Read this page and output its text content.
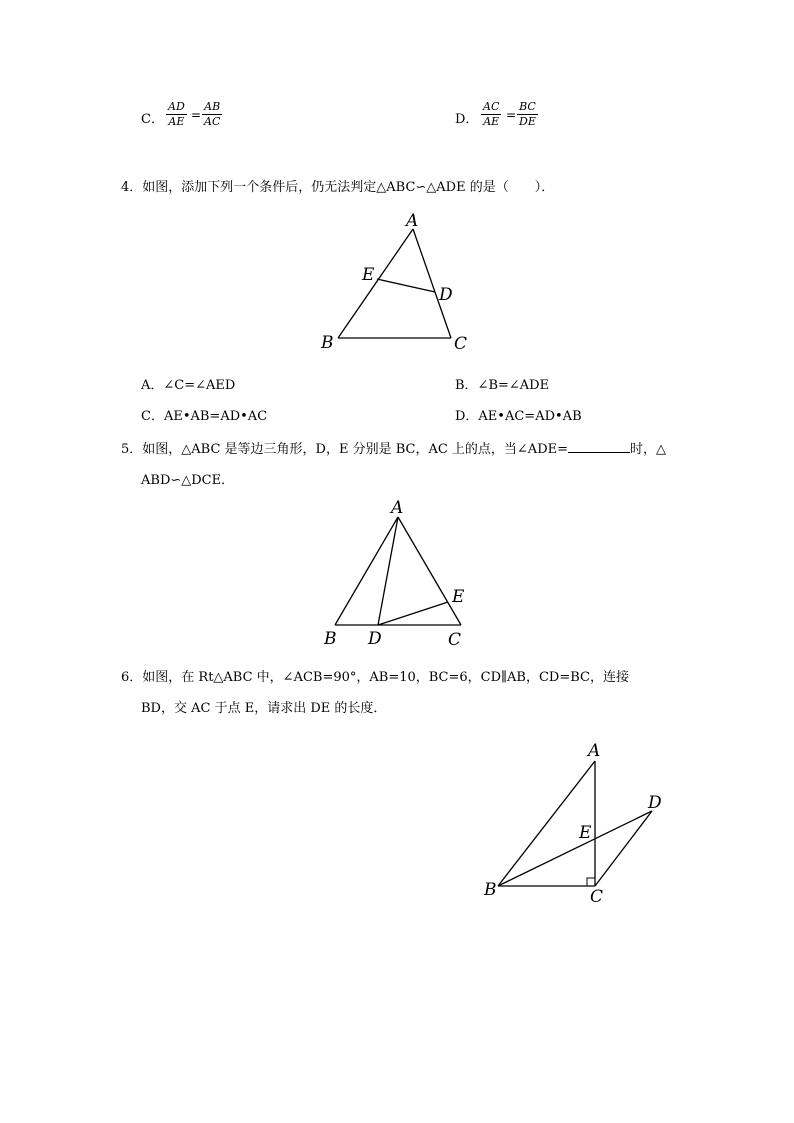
C． $\frac{AD}{AE} = \frac{AB}{AC}$	D． $\frac{AC}{AE} = \frac{BC}{DE}$
4．如图，添加下列一个条件后，仍无法判定△ABC∽△ADE 的是（　　）．
A
E
D
B	C
A．∠C=∠AED	B．∠B=∠ADE
C．AE•AB=AD•AC	D．AE•AC=AD•AB
5．如图，△ABC 是等边三角形，D，E 分别是 BC，AC 上的点，当∠ADE=	时，△
ABD∽△DCE．
A
E
B D	C
6．如图，在 Rt△ABC 中，∠ACB=90°，AB=10，BC=6，CD∥AB，CD=BC，连接
BD，交 AC 于点 E，请求出 DE 的长度．
A
D
E
B	C
